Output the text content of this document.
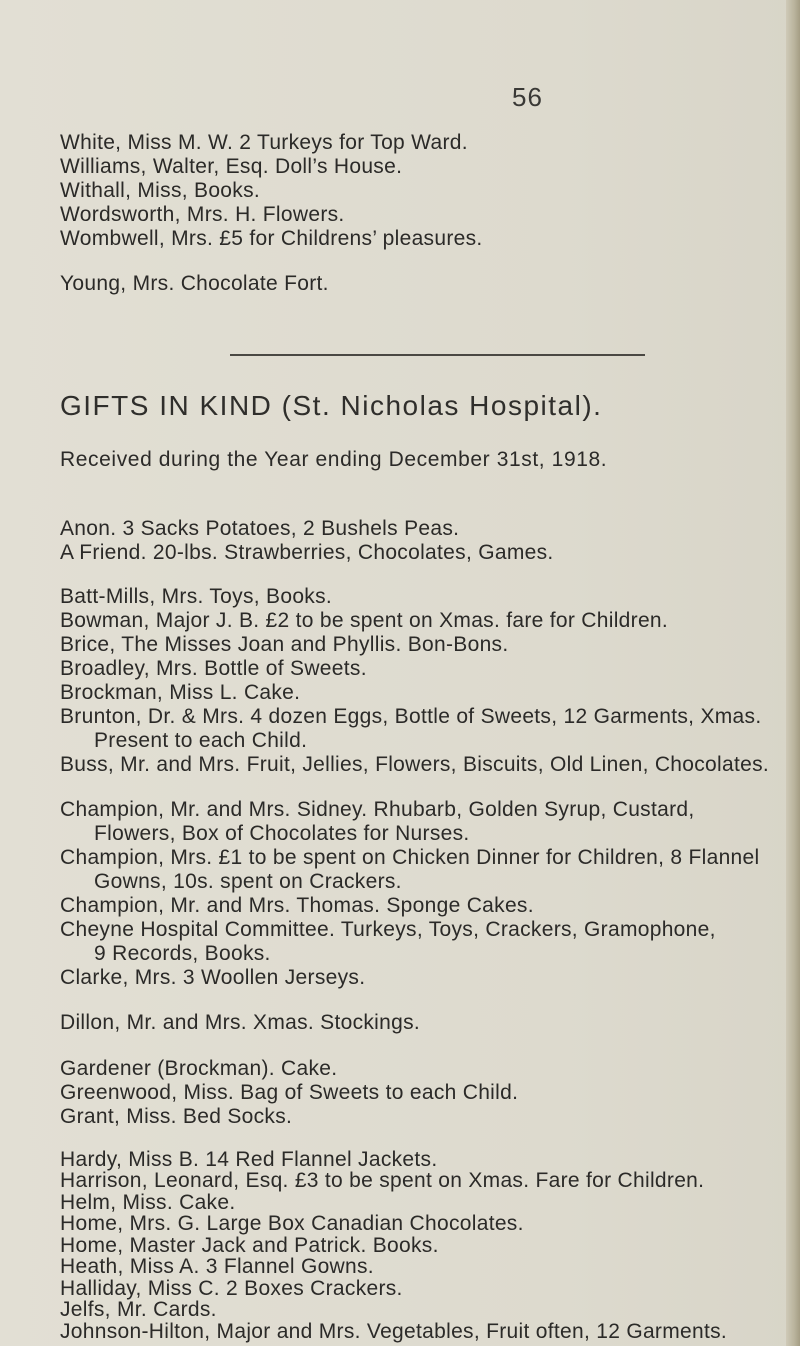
56
White, Miss M. W. 2 Turkeys for Top Ward.
Williams, Walter, Esq. Doll’s House.
Withall, Miss, Books.
Wordsworth, Mrs. H. Flowers.
Wombwell, Mrs. £5 for Childrens’ pleasures.
Young, Mrs. Chocolate Fort.
GIFTS IN KIND (St. Nicholas Hospital).
Received during the Year ending December 31st, 1918.
Anon. 3 Sacks Potatoes, 2 Bushels Peas.
A Friend. 20-lbs. Strawberries, Chocolates, Games.
Batt-Mills, Mrs. Toys, Books.
Bowman, Major J. B. £2 to be spent on Xmas. fare for Children.
Brice, The Misses Joan and Phyllis. Bon-Bons.
Broadley, Mrs. Bottle of Sweets.
Brockman, Miss L. Cake.
Brunton, Dr. & Mrs. 4 dozen Eggs, Bottle of Sweets, 12 Garments, Xmas.
Present to each Child.
Buss, Mr. and Mrs. Fruit, Jellies, Flowers, Biscuits, Old Linen, Chocolates.
Champion, Mr. and Mrs. Sidney. Rhubarb, Golden Syrup, Custard,
Flowers, Box of Chocolates for Nurses.
Champion, Mrs. £1 to be spent on Chicken Dinner for Children, 8 Flannel
Gowns, 10s. spent on Crackers.
Champion, Mr. and Mrs. Thomas. Sponge Cakes.
Cheyne Hospital Committee. Turkeys, Toys, Crackers, Gramophone,
9 Records, Books.
Clarke, Mrs. 3 Woollen Jerseys.
Dillon, Mr. and Mrs. Xmas. Stockings.
Gardener (Brockman). Cake.
Greenwood, Miss. Bag of Sweets to each Child.
Grant, Miss. Bed Socks.
Hardy, Miss B. 14 Red Flannel Jackets.
Harrison, Leonard, Esq. £3 to be spent on Xmas. Fare for Children.
Helm, Miss. Cake.
Home, Mrs. G. Large Box Canadian Chocolates.
Home, Master Jack and Patrick. Books.
Heath, Miss A. 3 Flannel Gowns.
Halliday, Miss C. 2 Boxes Crackers.
Jelfs, Mr. Cards.
Johnson-Hilton, Major and Mrs. Vegetables, Fruit often, 12 Garments.
